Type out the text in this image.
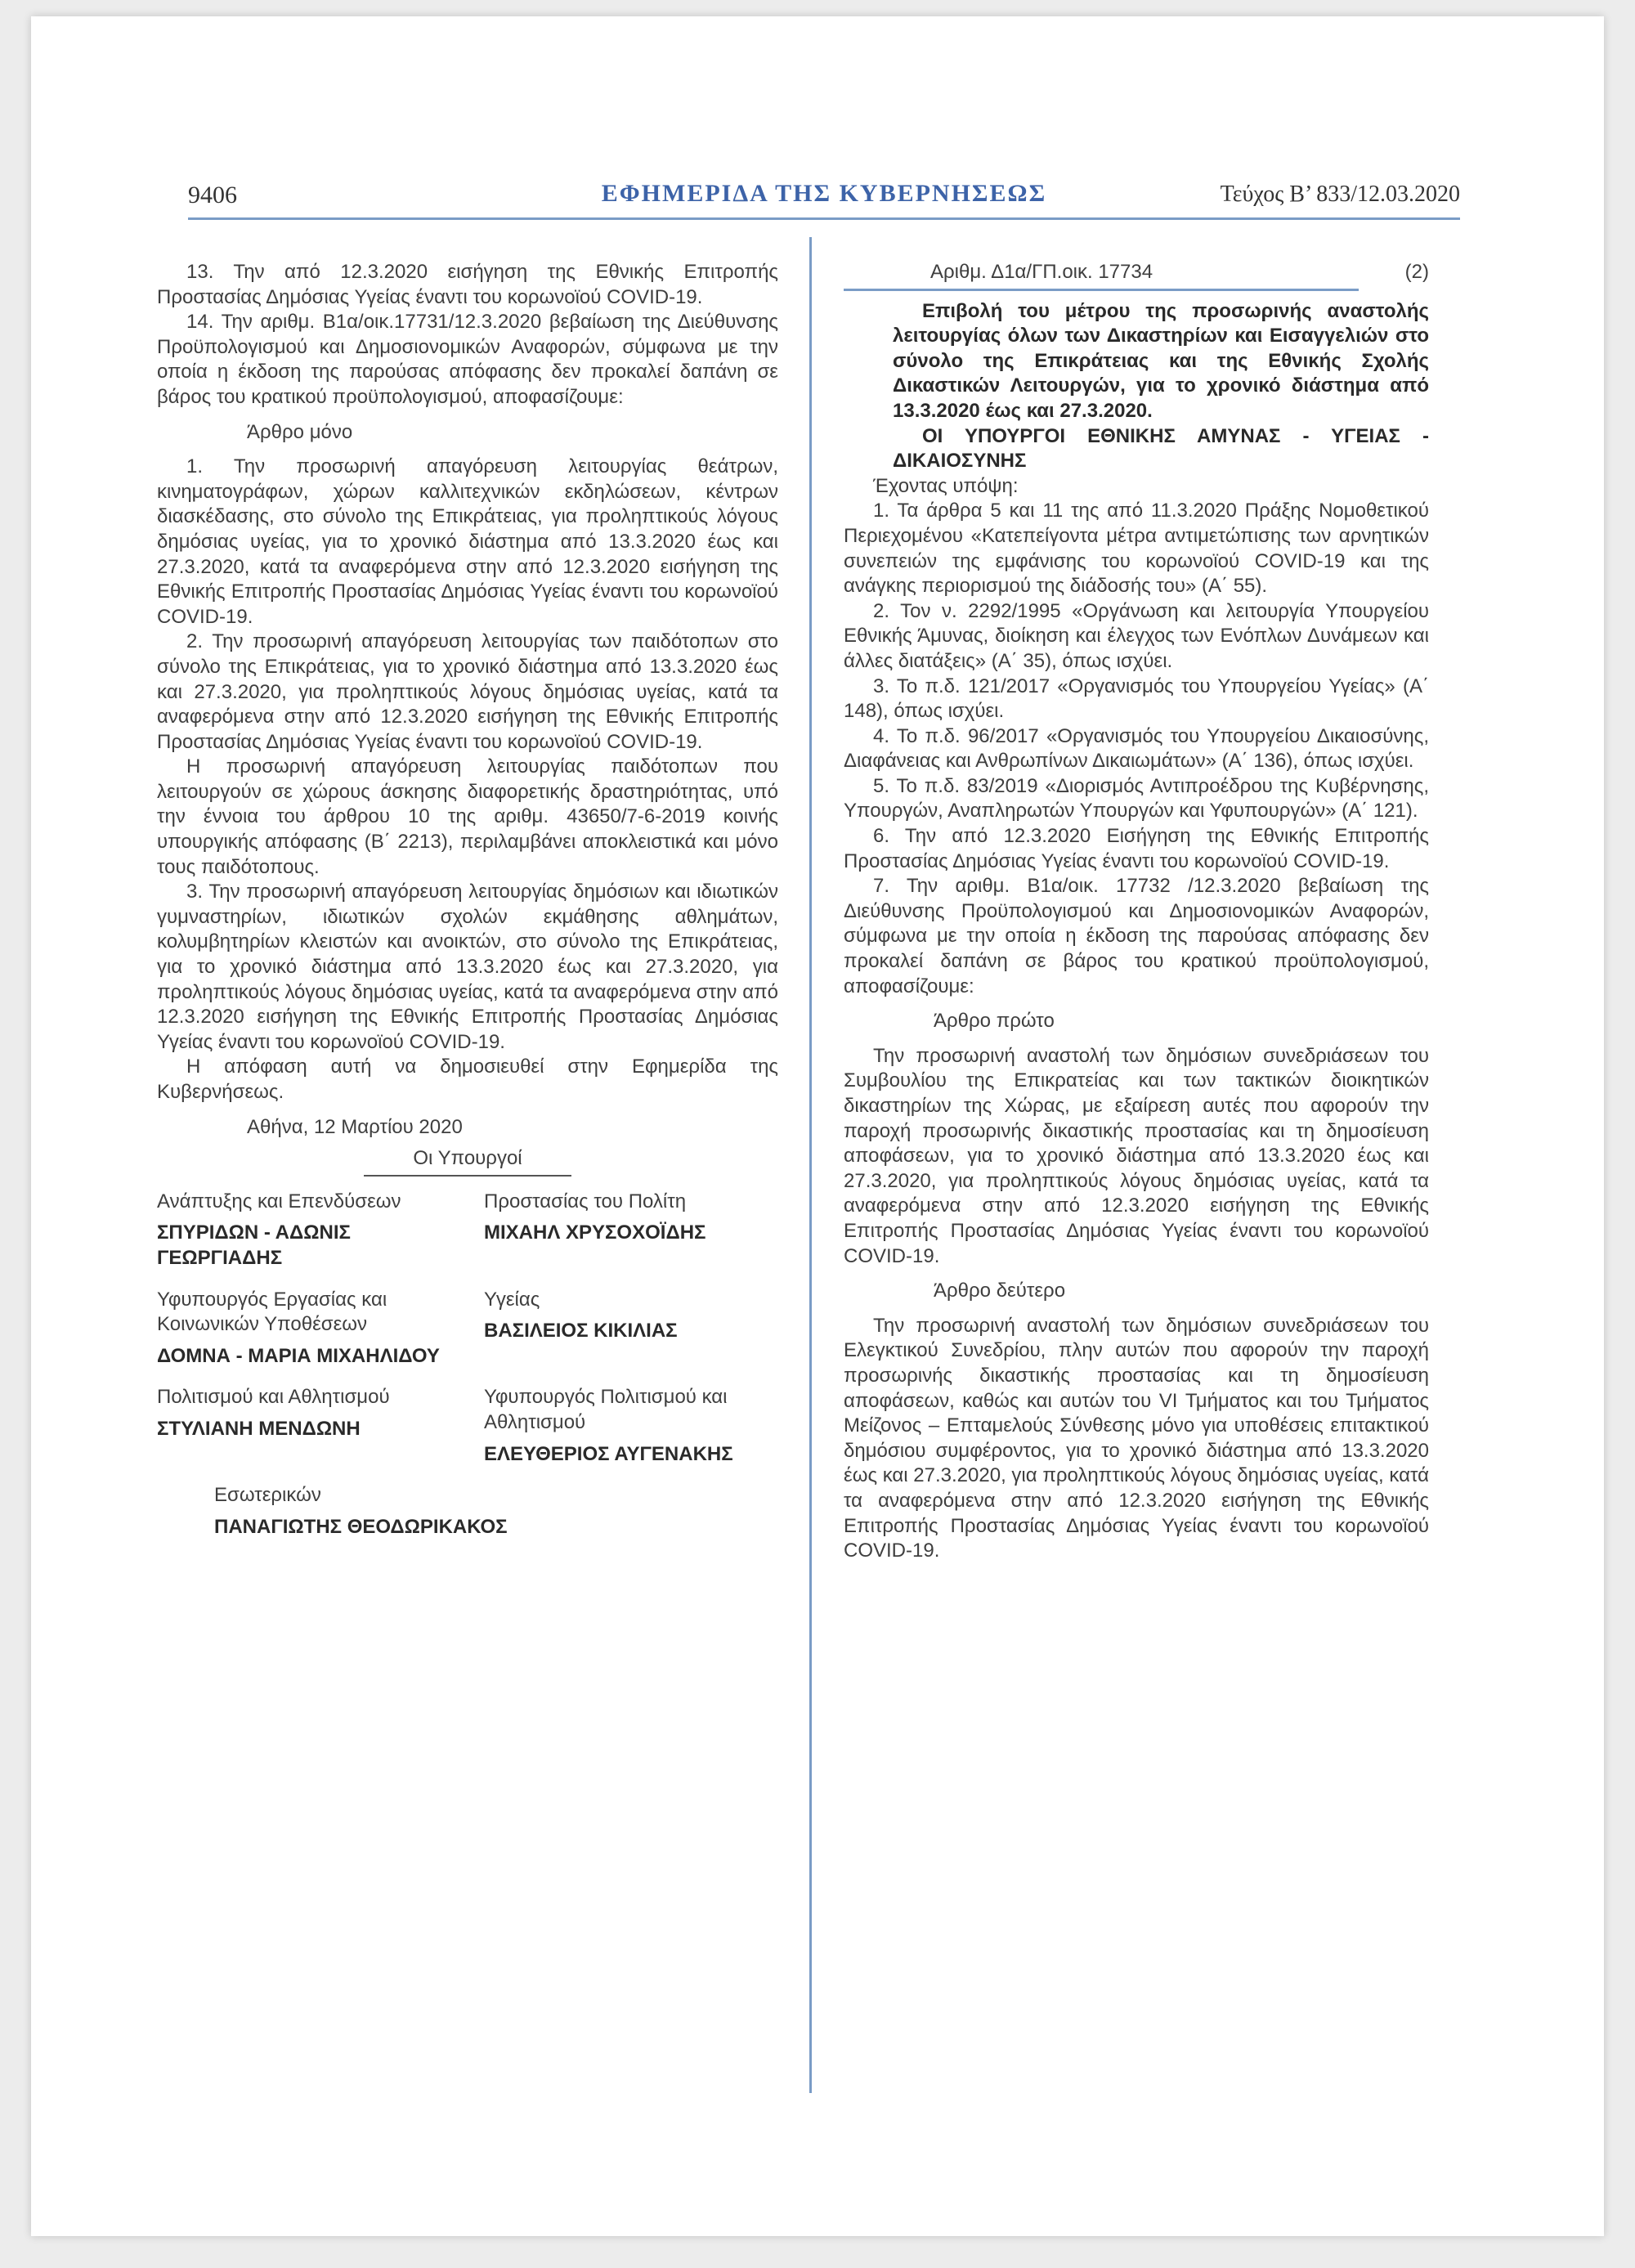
9406	ΕΦΗΜΕΡΙΔΑ ΤΗΣ ΚΥΒΕΡΝΗΣΕΩΣ	Τεύχος Β’ 833/12.03.2020

13. Την από 12.3.2020 εισήγηση της Εθνικής Επιτροπής Προστασίας Δημόσιας Υγείας έναντι του κορωνοϊού COVID-19.

14. Την αριθμ. Β1α/οικ.17731/12.3.2020 βεβαίωση της Διεύθυνσης Προϋπολογισμού και Δημοσιονομικών Αναφορών, σύμφωνα με την οποία η έκδοση της παρούσας απόφασης δεν προκαλεί δαπάνη σε βάρος του κρατικού προϋπολογισμού, αποφασίζουμε:

Άρθρο μόνο

1. Την προσωρινή απαγόρευση λειτουργίας θεάτρων, κινηματογράφων, χώρων καλλιτεχνικών εκδηλώσεων, κέντρων διασκέδασης, στο σύνολο της Επικράτειας, για προληπτικούς λόγους δημόσιας υγείας, για το χρονικό διάστημα από 13.3.2020 έως και 27.3.2020, κατά τα αναφερόμενα στην από 12.3.2020 εισήγηση της Εθνικής Επιτροπής Προστασίας Δημόσιας Υγείας έναντι του κορωνοϊού COVID-19.

2. Την προσωρινή απαγόρευση λειτουργίας των παιδότοπων στο σύνολο της Επικράτειας, για το χρονικό διάστημα από 13.3.2020 έως και 27.3.2020, για προληπτικούς λόγους δημόσιας υγείας, κατά τα αναφερόμενα στην από 12.3.2020 εισήγηση της Εθνικής Επιτροπής Προστασίας Δημόσιας Υγείας έναντι του κορωνοϊού COVID-19.

Η προσωρινή απαγόρευση λειτουργίας παιδότοπων που λειτουργούν σε χώρους άσκησης διαφορετικής δραστηριότητας, υπό την έννοια του άρθρου 10 της αριθμ. 43650/7-6-2019 κοινής υπουργικής απόφασης (Β΄ 2213), περιλαμβάνει αποκλειστικά και μόνο τους παιδότοπους.

3. Την προσωρινή απαγόρευση λειτουργίας δημόσιων και ιδιωτικών γυμναστηρίων, ιδιωτικών σχολών εκμάθησης αθλημάτων, κολυμβητηρίων κλειστών και ανοικτών, στο σύνολο της Επικράτειας, για το χρονικό διάστημα από 13.3.2020 έως και 27.3.2020, για προληπτικούς λόγους δημόσιας υγείας, κατά τα αναφερόμενα στην από 12.3.2020 εισήγηση της Εθνικής Επιτροπής Προστασίας Δημόσιας Υγείας έναντι του κορωνοϊού COVID-19.

Η απόφαση αυτή να δημοσιευθεί στην Εφημερίδα της Κυβερνήσεως.

Αθήνα, 12 Μαρτίου 2020

Οι Υπουργοί

Ανάπτυξης και Επενδύσεων
ΣΠΥΡΙΔΩΝ - ΑΔΩΝΙΣ ΓΕΩΡΓΙΑΔΗΣ
Προστασίας του Πολίτη
ΜΙΧΑΗΛ ΧΡΥΣΟΧΟΪΔΗΣ
Υφυπουργός Εργασίας και Κοινωνικών Υποθέσεων
ΔΟΜΝΑ - ΜΑΡΙΑ ΜΙΧΑΗΛΙΔΟΥ
Υγείας
ΒΑΣΙΛΕΙΟΣ ΚΙΚΙΛΙΑΣ
Πολιτισμού και Αθλητισμού
ΣΤΥΛΙΑΝΗ ΜΕΝΔΩΝΗ
Υφυπουργός Πολιτισμού και Αθλητισμού
ΕΛΕΥΘΕΡΙΟΣ ΑΥΓΕΝΑΚΗΣ
Εσωτερικών
ΠΑΝΑΓΙΩΤΗΣ ΘΕΟΔΩΡΙΚΑΚΟΣ

Αριθμ. Δ1α/ΓΠ.οικ. 17734	(2)

Επιβολή του μέτρου της προσωρινής αναστολής λειτουργίας όλων των Δικαστηρίων και Εισαγγελιών στο σύνολο της Επικράτειας και της Εθνικής Σχολής Δικαστικών Λειτουργών, για το χρονικό διάστημα από 13.3.2020 έως και 27.3.2020.

ΟΙ ΥΠΟΥΡΓΟΙ ΕΘΝΙΚΗΣ ΑΜΥΝΑΣ - ΥΓΕΙΑΣ - ΔΙΚΑΙΟΣΥΝΗΣ

Έχοντας υπόψη:

1. Τα άρθρα 5 και 11 της από 11.3.2020 Πράξης Νομοθετικού Περιεχομένου «Κατεπείγοντα μέτρα αντιμετώπισης των αρνητικών συνεπειών της εμφάνισης του κορωνοϊού COVID-19 και της ανάγκης περιορισμού της διάδοσής του» (Α΄ 55).

2. Τον ν. 2292/1995 «Οργάνωση και λειτουργία Υπουργείου Εθνικής Άμυνας, διοίκηση και έλεγχος των Ενόπλων Δυνάμεων και άλλες διατάξεις» (Α΄ 35), όπως ισχύει.

3. Το π.δ. 121/2017 «Οργανισμός του Υπουργείου Υγείας» (Α΄ 148), όπως ισχύει.

4. Το π.δ. 96/2017 «Οργανισμός του Υπουργείου Δικαιοσύνης, Διαφάνειας και Ανθρωπίνων Δικαιωμάτων» (Α΄ 136), όπως ισχύει.

5. Το π.δ. 83/2019 «Διορισμός Αντιπροέδρου της Κυβέρνησης, Υπουργών, Αναπληρωτών Υπουργών και Υφυπουργών» (Α΄ 121).

6. Την από 12.3.2020 Εισήγηση της Εθνικής Επιτροπής Προστασίας Δημόσιας Υγείας έναντι του κορωνοϊού COVID-19.

7. Την αριθμ. Β1α/οικ. 17732 /12.3.2020 βεβαίωση της Διεύθυνσης Προϋπολογισμού και Δημοσιονομικών Αναφορών, σύμφωνα με την οποία η έκδοση της παρούσας απόφασης δεν προκαλεί δαπάνη σε βάρος του κρατικού προϋπολογισμού, αποφασίζουμε:

Άρθρο πρώτο

Την προσωρινή αναστολή των δημόσιων συνεδριάσεων του Συμβουλίου της Επικρατείας και των τακτικών διοικητικών δικαστηρίων της Χώρας, με εξαίρεση αυτές που αφορούν την παροχή προσωρινής δικαστικής προστασίας και τη δημοσίευση αποφάσεων, για το χρονικό διάστημα από 13.3.2020 έως και 27.3.2020, για προληπτικούς λόγους δημόσιας υγείας, κατά τα αναφερόμενα στην από 12.3.2020 εισήγηση της Εθνικής Επιτροπής Προστασίας Δημόσιας Υγείας έναντι του κορωνοϊού COVID-19.

Άρθρο δεύτερο

Την προσωρινή αναστολή των δημόσιων συνεδριάσεων του Ελεγκτικού Συνεδρίου, πλην αυτών που αφορούν την παροχή προσωρινής δικαστικής προστασίας και τη δημοσίευση αποφάσεων, καθώς και αυτών του VI Τμήματος και του Τμήματος Μείζονος – Επταμελούς Σύνθεσης μόνο για υποθέσεις επιτακτικού δημόσιου συμφέροντος, για το χρονικό διάστημα από 13.3.2020 έως και 27.3.2020, για προληπτικούς λόγους δημόσιας υγείας, κατά τα αναφερόμενα στην από 12.3.2020 εισήγηση της Εθνικής Επιτροπής Προστασίας Δημόσιας Υγείας έναντι του κορωνοϊού COVID-19.
